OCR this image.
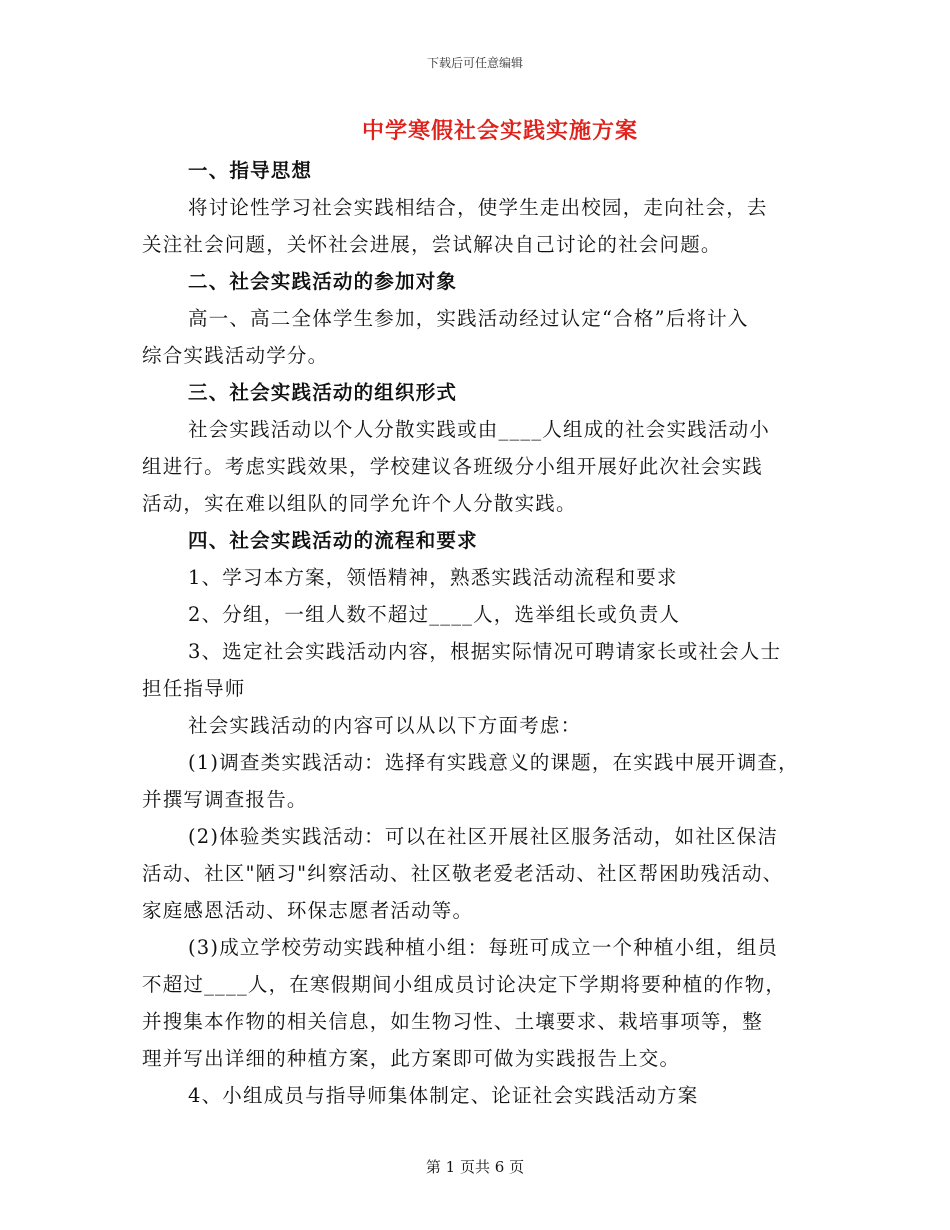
下载后可任意编辑
中学寒假社会实践实施方案
一、指导思想
将讨论性学习社会实践相结合，使学生走出校园，走向社会，去
关注社会问题，关怀社会进展，尝试解决自己讨论的社会问题。
二、社会实践活动的参加对象
高一、高二全体学生参加，实践活动经过认定“合格”后将计入
综合实践活动学分。
三、社会实践活动的组织形式
社会实践活动以个人分散实践或由____人组成的社会实践活动小
组进行。考虑实践效果，学校建议各班级分小组开展好此次社会实践
活动，实在难以组队的同学允许个人分散实践。
四、社会实践活动的流程和要求
1、学习本方案，领悟精神，熟悉实践活动流程和要求
2、分组，一组人数不超过____人，选举组长或负责人
3、选定社会实践活动内容，根据实际情况可聘请家长或社会人士
担任指导师
社会实践活动的内容可以从以下方面考虑：
(1)调查类实践活动：选择有实践意义的课题，在实践中展开调查，
并撰写调查报告。
(2)体验类实践活动：可以在社区开展社区服务活动，如社区保洁
活动、社区"陋习"纠察活动、社区敬老爱老活动、社区帮困助残活动、
家庭感恩活动、环保志愿者活动等。
(3)成立学校劳动实践种植小组：每班可成立一个种植小组，组员
不超过____人，在寒假期间小组成员讨论决定下学期将要种植的作物，
并搜集本作物的相关信息，如生物习性、土壤要求、栽培事项等，整
理并写出详细的种植方案，此方案即可做为实践报告上交。
4、小组成员与指导师集体制定、论证社会实践活动方案
第 1 页共 6 页
